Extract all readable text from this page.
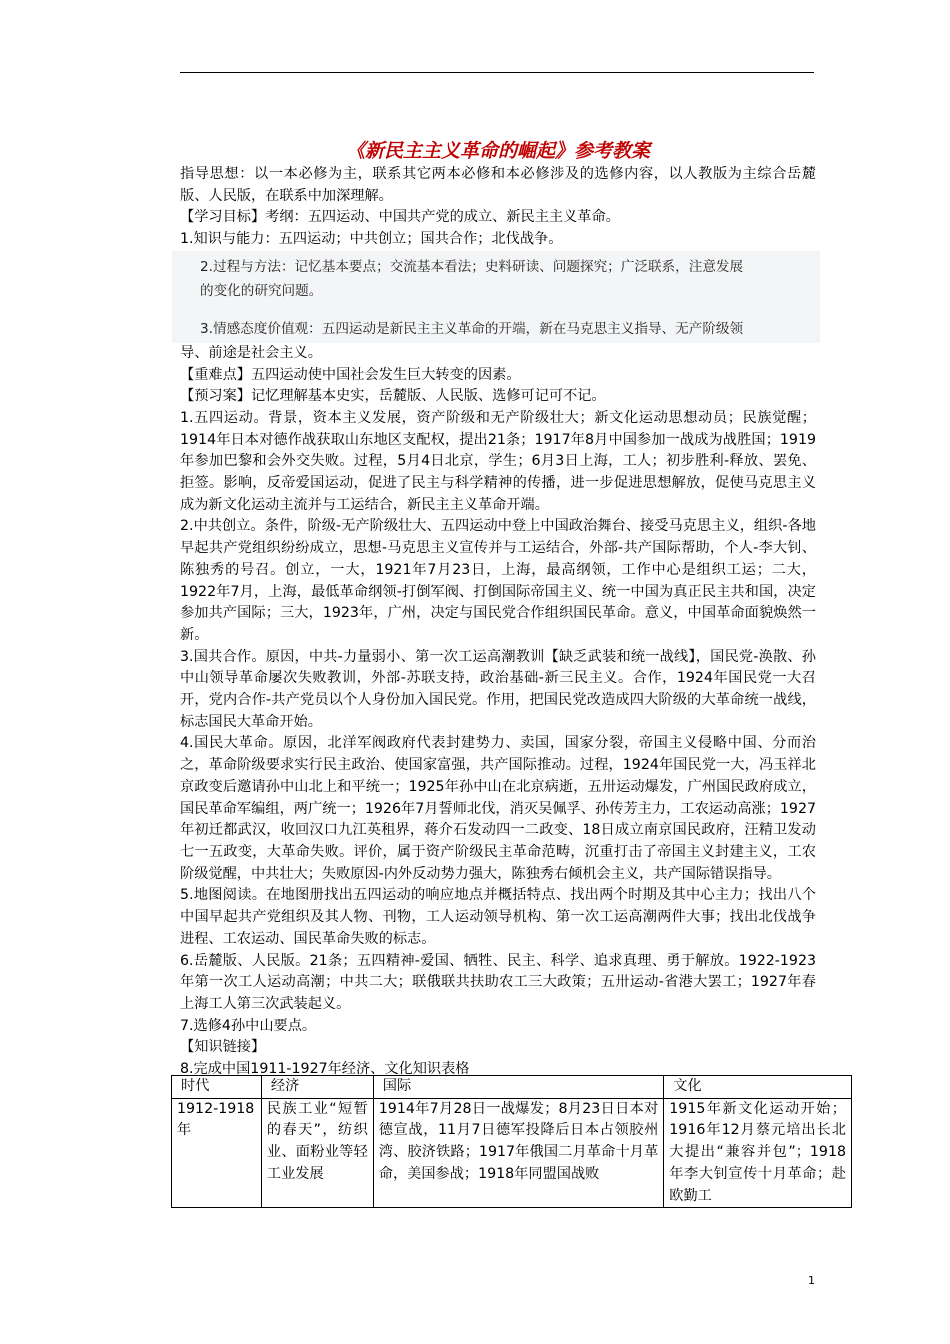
《新民主主义革命的崛起》参考教案

指导思想：以一本必修为主，联系其它两本必修和本必修涉及的选修内容，以人教版为主综合岳麓版、人民版，在联系中加深理解。

【学习目标】考纲：五四运动、中国共产党的成立、新民主主义革命。

1.知识与能力：五四运动；中共创立；国共合作；北伐战争。

2.过程与方法：记忆基本要点；交流基本看法；史料研读、问题探究；广泛联系，注意发展

的变化的研究问题。

3.情感态度价值观：五四运动是新民主主义革命的开端，新在马克思主义指导、无产阶级领

导、前途是社会主义。

【重难点】五四运动使中国社会发生巨大转变的因素。

【预习案】记忆理解基本史实，岳麓版、人民版、选修可记可不记。

1.五四运动。背景，资本主义发展，资产阶级和无产阶级壮大；新文化运动思想动员；民族觉醒；1914年日本对德作战获取山东地区支配权，提出21条；1917年8月中国参加一战成为战胜国；1919年参加巴黎和会外交失败。过程，5月4日北京，学生；6月3日上海，工人；初步胜利-释放、罢免、拒签。影响，反帝爱国运动，促进了民主与科学精神的传播，进一步促进思想解放，促使马克思主义成为新文化运动主流并与工运结合，新民主主义革命开端。

2.中共创立。条件，阶级-无产阶级壮大、五四运动中登上中国政治舞台、接受马克思主义，组织-各地早起共产党组织纷纷成立，思想-马克思主义宣传并与工运结合，外部-共产国际帮助，个人-李大钊、陈独秀的号召。创立，一大，1921年7月23日，上海，最高纲领，工作中心是组织工运；二大，1922年7月，上海，最低革命纲领-打倒军阀、打倒国际帝国主义、统一中国为真正民主共和国，决定参加共产国际；三大，1923年，广州，决定与国民党合作组织国民革命。意义，中国革命面貌焕然一新。

3.国共合作。原因，中共-力量弱小、第一次工运高潮教训【缺乏武装和统一战线】，国民党-涣散、孙中山领导革命屡次失败教训，外部-苏联支持，政治基础-新三民主义。合作，1924年国民党一大召开，党内合作-共产党员以个人身份加入国民党。作用，把国民党改造成四大阶级的大革命统一战线，标志国民大革命开始。

4.国民大革命。原因，北洋军阀政府代表封建势力、卖国，国家分裂，帝国主义侵略中国、分而治之，革命阶级要求实行民主政治、使国家富强，共产国际推动。过程，1924年国民党一大，冯玉祥北京政变后邀请孙中山北上和平统一；1925年孙中山在北京病逝，五卅运动爆发，广州国民政府成立，国民革命军编组，两广统一；1926年7月誓师北伐，消灭吴佩孚、孙传芳主力，工农运动高涨；1927年初迁都武汉，收回汉口九江英租界，蒋介石发动四一二政变、18日成立南京国民政府，汪精卫发动七一五政变，大革命失败。评价，属于资产阶级民主革命范畴，沉重打击了帝国主义封建主义，工农阶级觉醒，中共壮大；失败原因-内外反动势力强大，陈独秀右倾机会主义，共产国际错误指导。

5.地图阅读。在地图册找出五四运动的响应地点并概括特点、找出两个时期及其中心主力；找出八个中国早起共产党组织及其人物、刊物，工人运动领导机构、第一次工运高潮两件大事；找出北伐战争进程、工农运动、国民革命失败的标志。

6.岳麓版、人民版。21条；五四精神-爱国、牺牲、民主、科学、追求真理、勇于解放。1922-1923年第一次工人运动高潮；中共二大；联俄联共扶助农工三大政策；五卅运动-省港大罢工；1927年春上海工人第三次武装起义。

7.选修4孙中山要点。

【知识链接】

8.完成中国1911-1927年经济、文化知识表格

时代	经济	国际	文化
1912-1918年	民族工业“短暂的春天”，纺织业、面粉业等轻工业发展	1914年7月28日一战爆发；8月23日日本对德宣战，11月7日德军投降后日本占领胶州湾、胶济铁路；1917年俄国二月革命十月革命，美国参战；1918年同盟国战败	1915年新文化运动开始；1916年12月蔡元培出长北大提出“兼容并包”；1918年李大钊宣传十月革命；赴欧勤工
1
